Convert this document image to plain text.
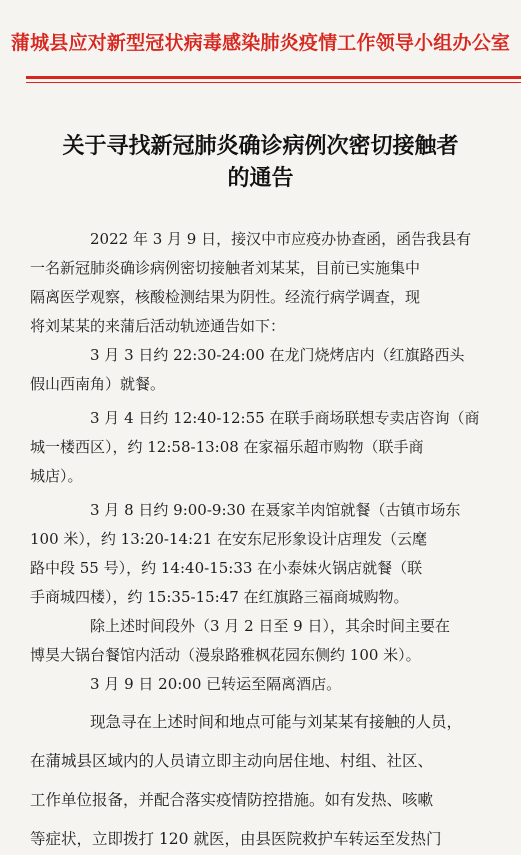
蒲城县应对新型冠状病毒感染肺炎疫情工作领导小组办公室
关于寻找新冠肺炎确诊病例次密切接触者
的通告
2022 年 3 月 9 日，接汉中市应疫办协查函，函告我县有
一名新冠肺炎确诊病例密切接触者刘某某，目前已实施集中
隔离医学观察，核酸检测结果为阴性。经流行病学调查，现
将刘某某的来蒲后活动轨迹通告如下：
3 月 3 日约 22:30-24:00 在龙门烧烤店内（红旗路西头
假山西南角）就餐。
3 月 4 日约 12:40-12:55 在联手商场联想专卖店咨询（商
城一楼西区），约 12:58-13:08 在家福乐超市购物（联手商
城店）。
3 月 8 日约 9:00-9:30 在聂家羊肉馆就餐（古镇市场东
100 米），约 13:20-14:21 在安东尼形象设计店理发（云麾
路中段 55 号），约 14:40-15:33 在小泰妹火锅店就餐（联
手商城四楼），约 15:35-15:47 在红旗路三福商城购物。
除上述时间段外（3 月 2 日至 9 日），其余时间主要在
博昊大锅台餐馆内活动（漫泉路雅枫花园东侧约 100 米）。
3 月 9 日 20:00 已转运至隔离酒店。
现急寻在上述时间和地点可能与刘某某有接触的人员，
在蒲城县区域内的人员请立即主动向居住地、村组、社区、
工作单位报备，并配合落实疫情防控措施。如有发热、咳嗽
等症状，立即拨打 120 就医，由县医院救护车转运至发热门
